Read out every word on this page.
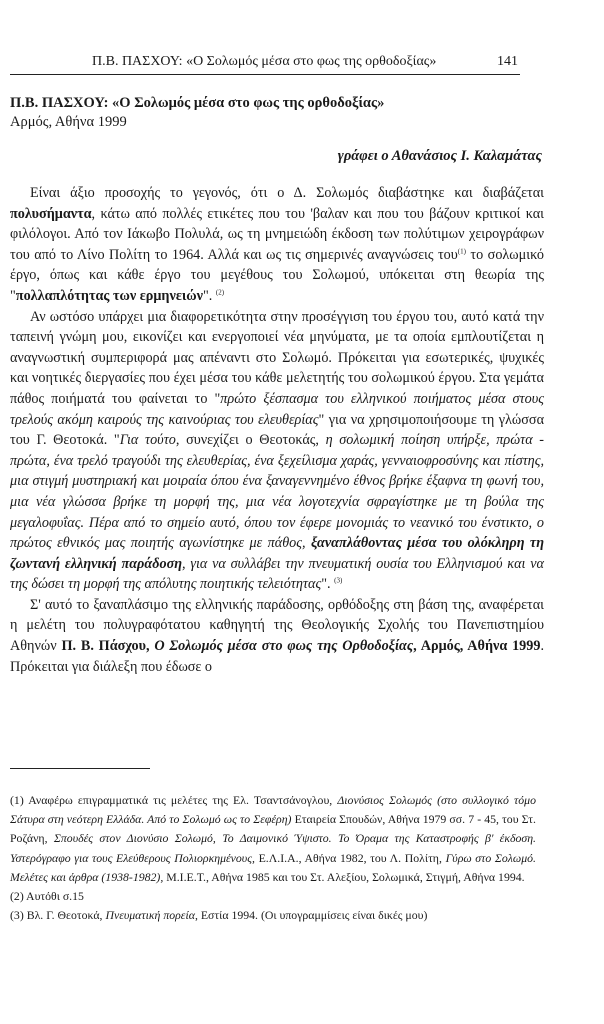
Π.Β. ΠΑΣΧΟΥ: «Ο Σολωμός μέσα στο φως της ορθοδοξίας»	141
Π.Β. ΠΑΣΧΟΥ: «Ο Σολωμός μέσα στο φως της ορθοδοξίας»
Αρμός, Αθήνα 1999
γράφει ο Αθανάσιος Ι. Καλαμάτας

Είναι άξιο προσοχής το γεγονός, ότι ο Δ. Σολωμός διαβάστηκε και διαβάζεται πολυσήμαντα, κάτω από πολλές ετικέτες που του 'βαλαν και που του βάζουν κριτικοί και φιλόλογοι. Από τον Ιάκωβο Πολυλά, ως τη μνημειώδη έκδοση των πολύτιμων χειρογράφων του από το Λίνο Πολίτη το 1964. Αλλά και ως τις σημερινές αναγνώσεις του$^{(1)}$ το σολωμικό έργο, όπως και κάθε έργο του μεγέθους του Σολωμού, υπόκειται στη θεωρία της "πολλαπλότητας των ερμηνειών". $^{(2)}$

Αν ωστόσο υπάρχει μια διαφορετικότητα στην προσέγγιση του έργου του, αυτό κατά την ταπεινή γνώμη μου, εικονίζει και ενεργοποιεί νέα μηνύματα, με τα οποία εμπλουτίζεται η αναγνωστική συμπεριφορά μας απέναντι στο Σολωμό. Πρόκειται για εσωτερικές, ψυχικές και νοητικές διεργασίες που έχει μέσα του κάθε μελετητής του σολωμικού έργου. Στα γεμάτα πάθος ποιήματά του φαίνεται το "πρώτο ξέσπασμα του ελληνικού ποιήματος μέσα στους τρελούς ακόμη καιρούς της καινούριας του ελευθερίας" για να χρησιμοποιήσουμε τη γλώσσα του Γ. Θεοτοκά. "Για τούτο, συνεχίζει ο Θεοτοκάς, η σολωμική ποίηση υπήρξε, πρώτα - πρώτα, ένα τρελό τραγούδι της ελευθερίας, ένα ξεχείλισμα χαράς, γενναιοφροσύνης και πίστης, μια στιγμή μυστηριακή και μοιραία όπου ένα ξαναγεννημένο έθνος βρήκε έξαφνα τη φωνή του, μια νέα γλώσσα βρήκε τη μορφή της, μια νέα λογοτεχνία σφραγίστηκε με τη βούλα της μεγαλοφυΐας. Πέρα από το σημείο αυτό, όπου τον έφερε μονομιάς το νεανικό του ένστικτο, ο πρώτος εθνικός μας ποιητής αγωνίστηκε με πάθος, ξαναπλάθοντας μέσα του ολόκληρη τη ζωντανή ελληνική παράδοση, για να συλλάβει την πνευματική ουσία του Ελληνισμού και να της δώσει τη μορφή της απόλυτης ποιητικής τελειότητας". $^{(3)}$

Σ' αυτό το ξαναπλάσιμο της ελληνικής παράδοσης, ορθόδοξης στη βάση της, αναφέρεται η μελέτη του πολυγραφότατου καθηγητή της Θεολογικής Σχολής του Πανεπιστημίου Αθηνών Π. Β. Πάσχου, Ο Σολωμός μέσα στο φως της Ορθοδοξίας, Αρμός, Αθήνα 1999. Πρόκειται για διάλεξη που έδωσε ο

(1) Αναφέρω επιγραμματικά τις μελέτες της Ελ. Τσαντσάνογλου, Διονύσιος Σολωμός (στο συλλογικό τόμο Σάτυρα στη νεότερη Ελλάδα. Από το Σολωμό ως το Σεφέρη) Εταιρεία Σπουδών, Αθήνα 1979 σσ. 7 - 45, του Στ. Ροζάνη, Σπουδές στον Διονύσιο Σολωμό, Το Δαιμονικό Ύψιστο. Το Όραμα της Καταστροφής β' έκδοση. Υστερόγραφο για τους Ελεύθερους Πολιορκημένους, Ε.Λ.Ι.Α., Αθήνα 1982, του Λ. Πολίτη, Γύρω στο Σολωμό. Μελέτες και άρθρα (1938-1982), Μ.Ι.Ε.Τ., Αθήνα 1985 και του Στ. Αλεξίου, Σολωμικά, Στιγμή, Αθήνα 1994.

(2) Αυτόθι σ.15

(3) Βλ. Γ. Θεοτοκά, Πνευματική πορεία, Εστία 1994. (Οι υπογραμμίσεις είναι δικές μου)
